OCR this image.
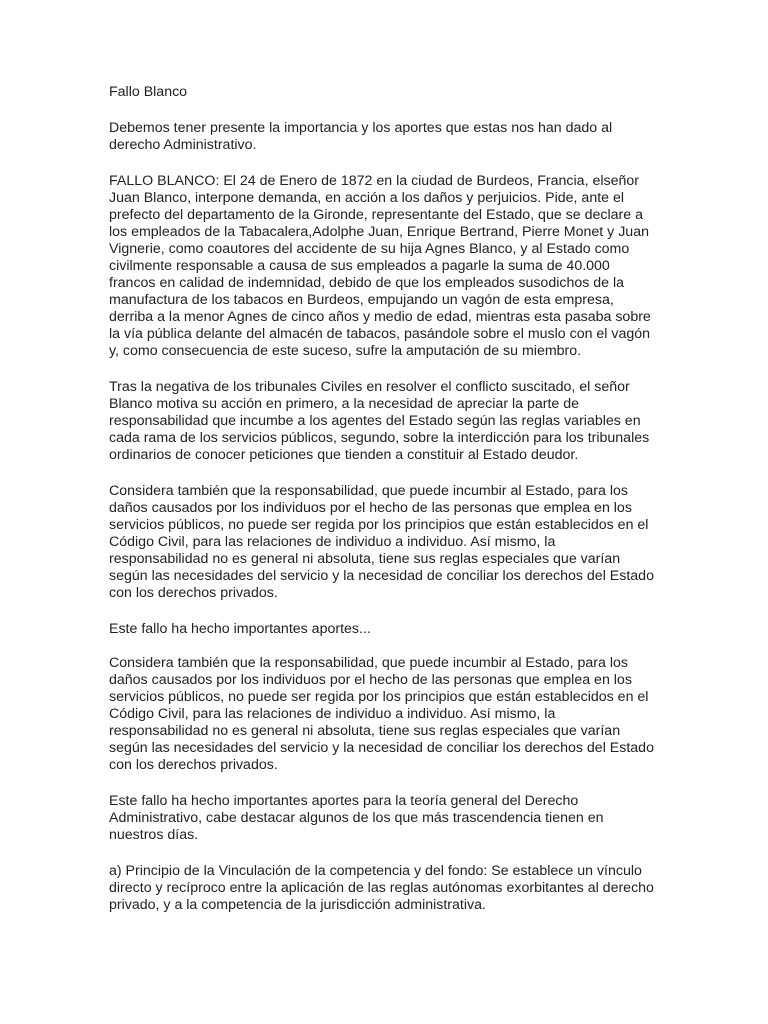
Fallo Blanco

Debemos tener presente la importancia y los aportes que estas nos han dado al
derecho Administrativo.

FALLO BLANCO: El 24 de Enero de 1872 en la ciudad de Burdeos, Francia, elseñor
Juan Blanco, interpone demanda, en acción a los daños y perjuicios. Pide, ante el
prefecto del departamento de la Gironde, representante del Estado, que se declare a
los empleados de la Tabacalera,Adolphe Juan, Enrique Bertrand, Pierre Monet y Juan
Vignerie, como coautores del accidente de su hija Agnes Blanco, y al Estado como
civilmente responsable a causa de sus empleados a pagarle la suma de 40.000
francos en calidad de indemnidad, debido de que los empleados susodichos de la
manufactura de los tabacos en Burdeos, empujando un vagón de esta empresa,
derriba a la menor Agnes de cinco años y medio de edad, mientras esta pasaba sobre
la vía pública delante del almacén de tabacos, pasándole sobre el muslo con el vagón
y, como consecuencia de este suceso, sufre la amputación de su miembro.

Tras la negativa de los tribunales Civiles en resolver el conflicto suscitado, el señor
Blanco motiva su acción en primero, a la necesidad de apreciar la parte de
responsabilidad que incumbe a los agentes del Estado según las reglas variables en
cada rama de los servicios públicos, segundo, sobre la interdicción para los tribunales
ordinarios de conocer peticiones que tienden a constituir al Estado deudor.

Considera también que la responsabilidad, que puede incumbir al Estado, para los
daños causados por los individuos por el hecho de las personas que emplea en los
servicios públicos, no puede ser regida por los principios que están establecidos en el
Código Civil, para las relaciones de individuo a individuo. Así mismo, la
responsabilidad no es general ni absoluta, tiene sus reglas especiales que varían
según las necesidades del servicio y la necesidad de conciliar los derechos del Estado
con los derechos privados.

Este fallo ha hecho importantes aportes...

Considera también que la responsabilidad, que puede incumbir al Estado, para los
daños causados por los individuos por el hecho de las personas que emplea en los
servicios públicos, no puede ser regida por los principios que están establecidos en el
Código Civil, para las relaciones de individuo a individuo. Así mismo, la
responsabilidad no es general ni absoluta, tiene sus reglas especiales que varían
según las necesidades del servicio y la necesidad de conciliar los derechos del Estado
con los derechos privados.

Este fallo ha hecho importantes aportes para la teoría general del Derecho
Administrativo, cabe destacar algunos de los que más trascendencia tienen en
nuestros días.

a) Principio de la Vinculación de la competencia y del fondo: Se establece un vínculo
directo y recíproco entre la aplicación de las reglas autónomas exorbitantes al derecho
privado, y a la competencia de la jurisdicción administrativa.
